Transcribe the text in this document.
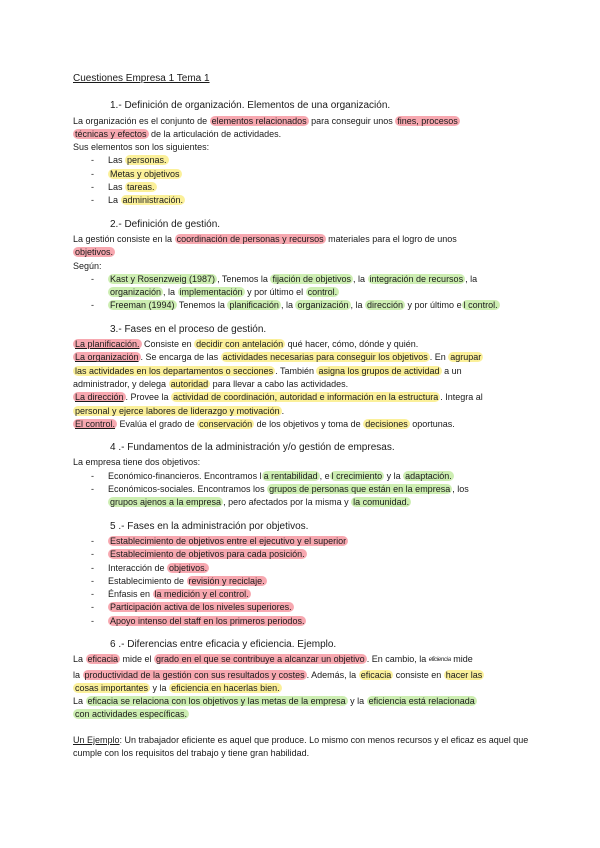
Cuestiones Empresa 1 Tema 1

1.- Definición de organización. Elementos de una organización.

La organización es el conjunto de elementos relacionados para conseguir unos fines, procesos
técnicas y efectos de la articulación de actividades.

Sus elementos son los siguientes:

- Las personas.
- Metas y objetivos
- Las tareas.
- La administración.

2.- Definición de gestión.

La gestión consiste en la coordinación de personas y recursos materiales para el logro de unos
objetivos.

Según:

- Kast y Rosenzweig (1987) , Tenemos la fijación de objetivos , la integración de recursos , la
organización , la implementación y por último el control.
- Freeman (1994) Tenemos la planificación , la organización , la dirección y por último e l control.

3.- Fases en el proceso de gestión.

La planificación. Consiste en decidir con antelación qué hacer, cómo, dónde y quién.

La organización . Se encarga de las actividades necesarias para conseguir los objetivos . En agrupar
las actividades en los departamentos o secciones . También asigna los grupos de actividad a un
administrador, y delega autoridad para llevar a cabo las actividades.

La dirección . Provee la actividad de coordinación, autoridad e información en la estructura . Integra al
personal y ejerce labores de liderazgo y motivación .

El control. Evalúa el grado de conservación de los objetivos y toma de decisiones oportunas.

4 .- Fundamentos de la administración y/o gestión de empresas.

La empresa tiene dos objetivos:

- Económico-financieros. Encontramos l a rentabilidad , e l crecimiento y la adaptación.
- Económicos-sociales. Encontramos los grupos de personas que están en la empresa , los
grupos ajenos a la empresa , pero afectados por la misma y la comunidad.

5 .- Fases en la administración por objetivos.

- Establecimiento de objetivos entre el ejecutivo y el superior
- Establecimiento de objetivos para cada posición.
- Interacción de objetivos.
- Establecimiento de revisión y reciclaje.
- Énfasis en la medición y el control.
- Participación activa de los niveles superiores.
- Apoyo intenso del staff en los primeros periodos.

6 .- Diferencias entre eficacia y eficiencia. Ejemplo.

La eficacia mide el grado en el que se contribuye a alcanzar un objetivo . En cambio, la eficiencia mide
la productividad de la gestión con sus resultados y costes . Además, la eficacia consiste en hacer las
cosas importantes y la eficiencia en hacerlas bien.

La eficacia se relaciona con los objetivos y las metas de la empresa y la eficiencia está relacionada
con actividades específicas.

Un Ejemplo: Un trabajador eficiente es aquel que produce. Lo mismo con menos recursos y el eficaz es aquel que cumple con los requisitos del trabajo y tiene gran habilidad.
